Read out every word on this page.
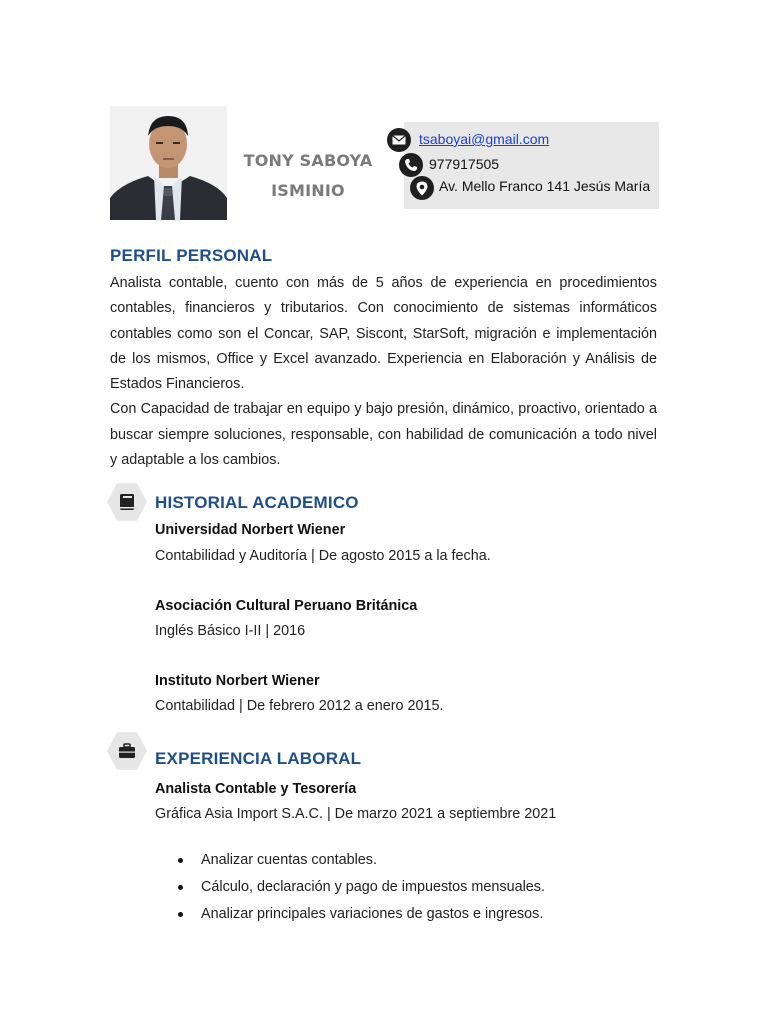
TONY SABOYA
ISMINIO
tsaboyai@gmail.com
977917505
Av. Mello Franco 141 Jesús María
PERFIL PERSONAL

Analista contable, cuento con más de 5 años de experiencia en procedimientos contables, financieros y tributarios. Con conocimiento de sistemas informáticos contables como son el Concar, SAP, Siscont, StarSoft, migración e implementación de los mismos, Office y Excel avanzado. Experiencia en Elaboración y Análisis de Estados Financieros.

Con Capacidad de trabajar en equipo y bajo presión, dinámico, proactivo, orientado a buscar siempre soluciones, responsable, con habilidad de comunicación a todo nivel y adaptable a los cambios.

HISTORIAL ACADEMICO
Universidad Norbert Wiener
Contabilidad y Auditoría | De agosto 2015 a la fecha.
Asociación Cultural Peruano Británica
Inglés Básico I-II | 2016
Instituto Norbert Wiener
Contabilidad | De febrero 2012 a enero 2015.
EXPERIENCIA LABORAL
Analista Contable y Tesorería
Gráfica Asia Import S.A.C. | De marzo 2021 a septiembre 2021
Analizar cuentas contables.
Cálculo, declaración y pago de impuestos mensuales.
Analizar principales variaciones de gastos e ingresos.
